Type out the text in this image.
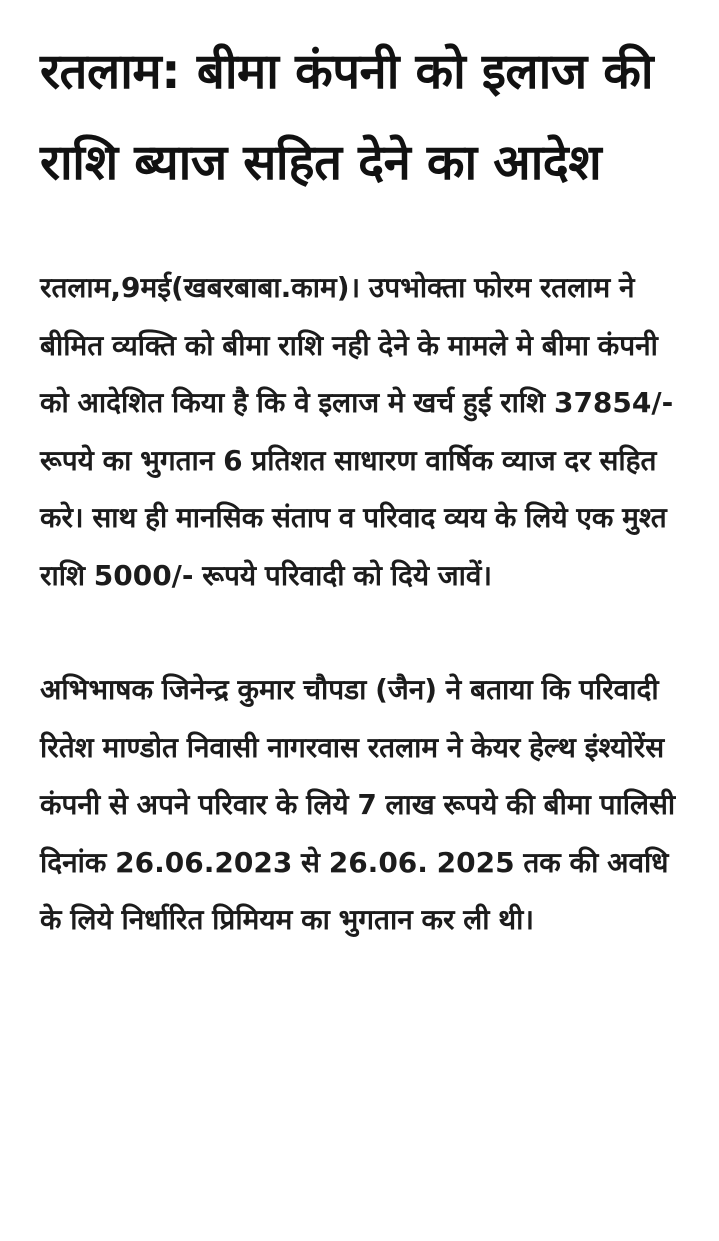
रतलाम: बीमा कंपनी को इलाज की राशि ब्याज सहित देने का आदेश

रतलाम,9मई(खबरबाबा.काम)। उपभोक्ता फोरम रतलाम ने बीमित व्यक्ति को बीमा राशि नही देने के मामले मे बीमा कंपनी को आदेशित किया है कि वे इलाज मे खर्च हुई राशि 37854/- रूपये का भुगतान 6 प्रतिशत साधारण वार्षिक व्याज दर सहित करे। साथ ही मानसिक संताप व परिवाद व्यय के लिये एक मुश्त राशि 5000/- रूपये परिवादी को दिये जावें।

अभिभाषक जिनेन्द्र कुमार चौपडा (जैन) ने बताया कि परिवादी रितेश माण्डोत निवासी नागरवास रतलाम ने केयर हेल्थ इंश्योरेंस कंपनी से अपने परिवार के लिये 7 लाख रूपये की बीमा पालिसी दिनांक 26.06.2023 से 26.06. 2025 तक की अवधि के लिये निर्धारित प्रिमियम का भुगतान कर ली थी।
